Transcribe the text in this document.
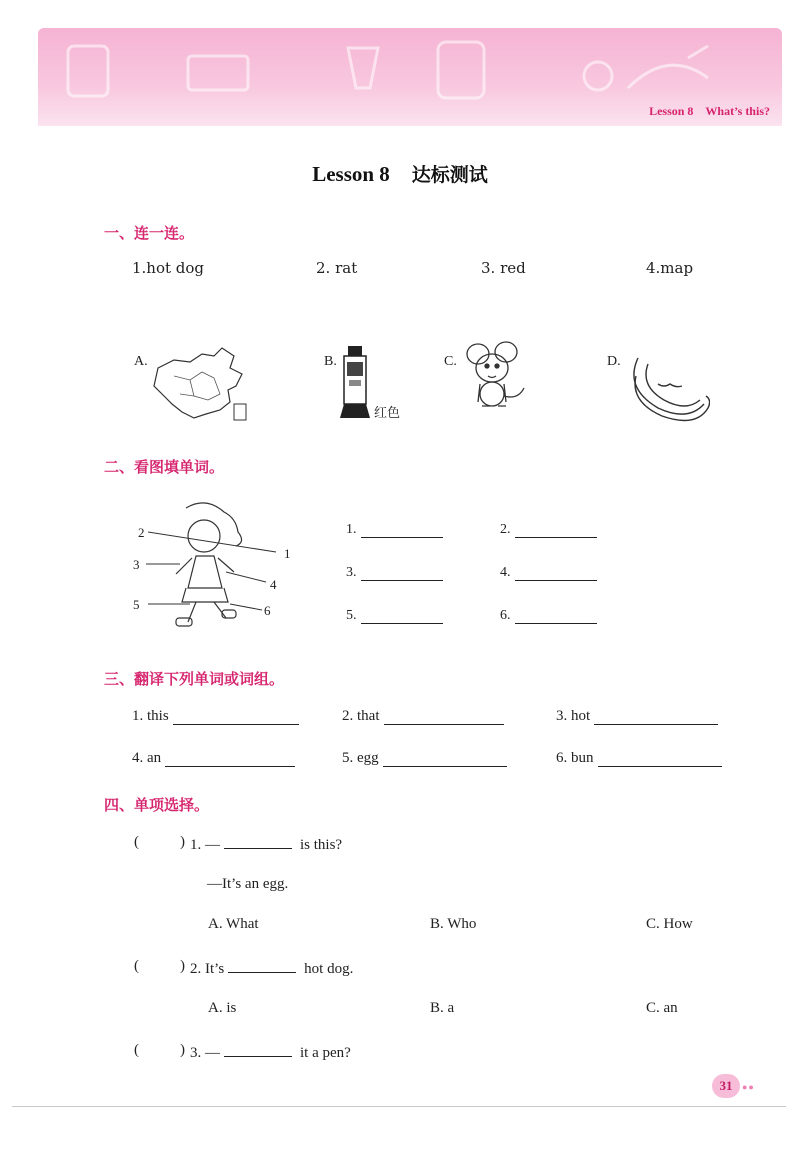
Lesson 8 What’s this?
Lesson 8 达标测试
一、连一连。
1.hot dog	2. rat	3. red	4.map
A.	B.
红色
C.	D.
二、看图填单词。
2
1
3
4
5	6
1.	2.
3.	4.
5.	6.
三、翻译下列单词或词组。
1. this	2. that	3. hot
4. an	5. egg	6. bun
四、单项选择。
(	) 1. —	is this?
—It’s an egg.
A. What	B. Who	C. How
(	) 2. It’s	hot dog.
A. is	B. a	C. an
(	) 3. —	it a pen?
31	●●
